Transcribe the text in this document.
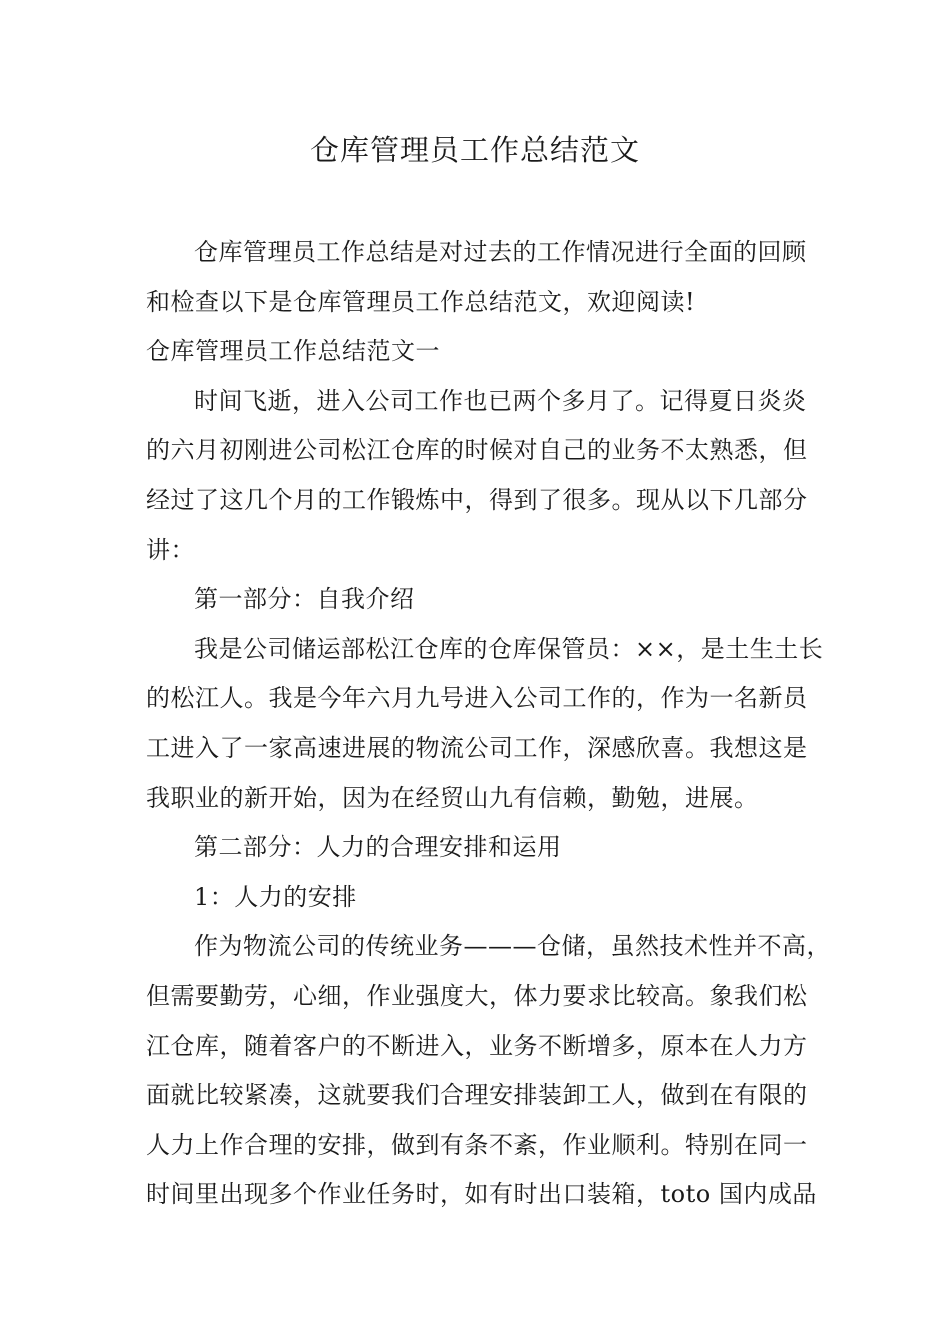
仓库管理员工作总结范文

仓库管理员工作总结是对过去的工作情况进行全面的回顾

和检查以下是仓库管理员工作总结范文，欢迎阅读!

仓库管理员工作总结范文一

时间飞逝，进入公司工作也已两个多月了。记得夏日炎炎

的六月初刚进公司松江仓库的时候对自己的业务不太熟悉，但

经过了这几个月的工作锻炼中，得到了很多。现从以下几部分

讲：

第一部分：自我介绍

我是公司储运部松江仓库的仓库保管员：××，是土生土长

的松江人。我是今年六月九号进入公司工作的，作为一名新员

工进入了一家高速进展的物流公司工作，深感欣喜。我想这是

我职业的新开始，因为在经贸山九有信赖，勤勉，进展。

第二部分：人力的合理安排和运用

1：人力的安排

作为物流公司的传统业务———仓储，虽然技术性并不高，

但需要勤劳，心细，作业强度大，体力要求比较高。象我们松

江仓库，随着客户的不断进入，业务不断增多，原本在人力方

面就比较紧凑，这就要我们合理安排装卸工人，做到在有限的

人力上作合理的安排，做到有条不紊，作业顺利。特别在同一

时间里出现多个作业任务时，如有时出口装箱，toto 国内成品
